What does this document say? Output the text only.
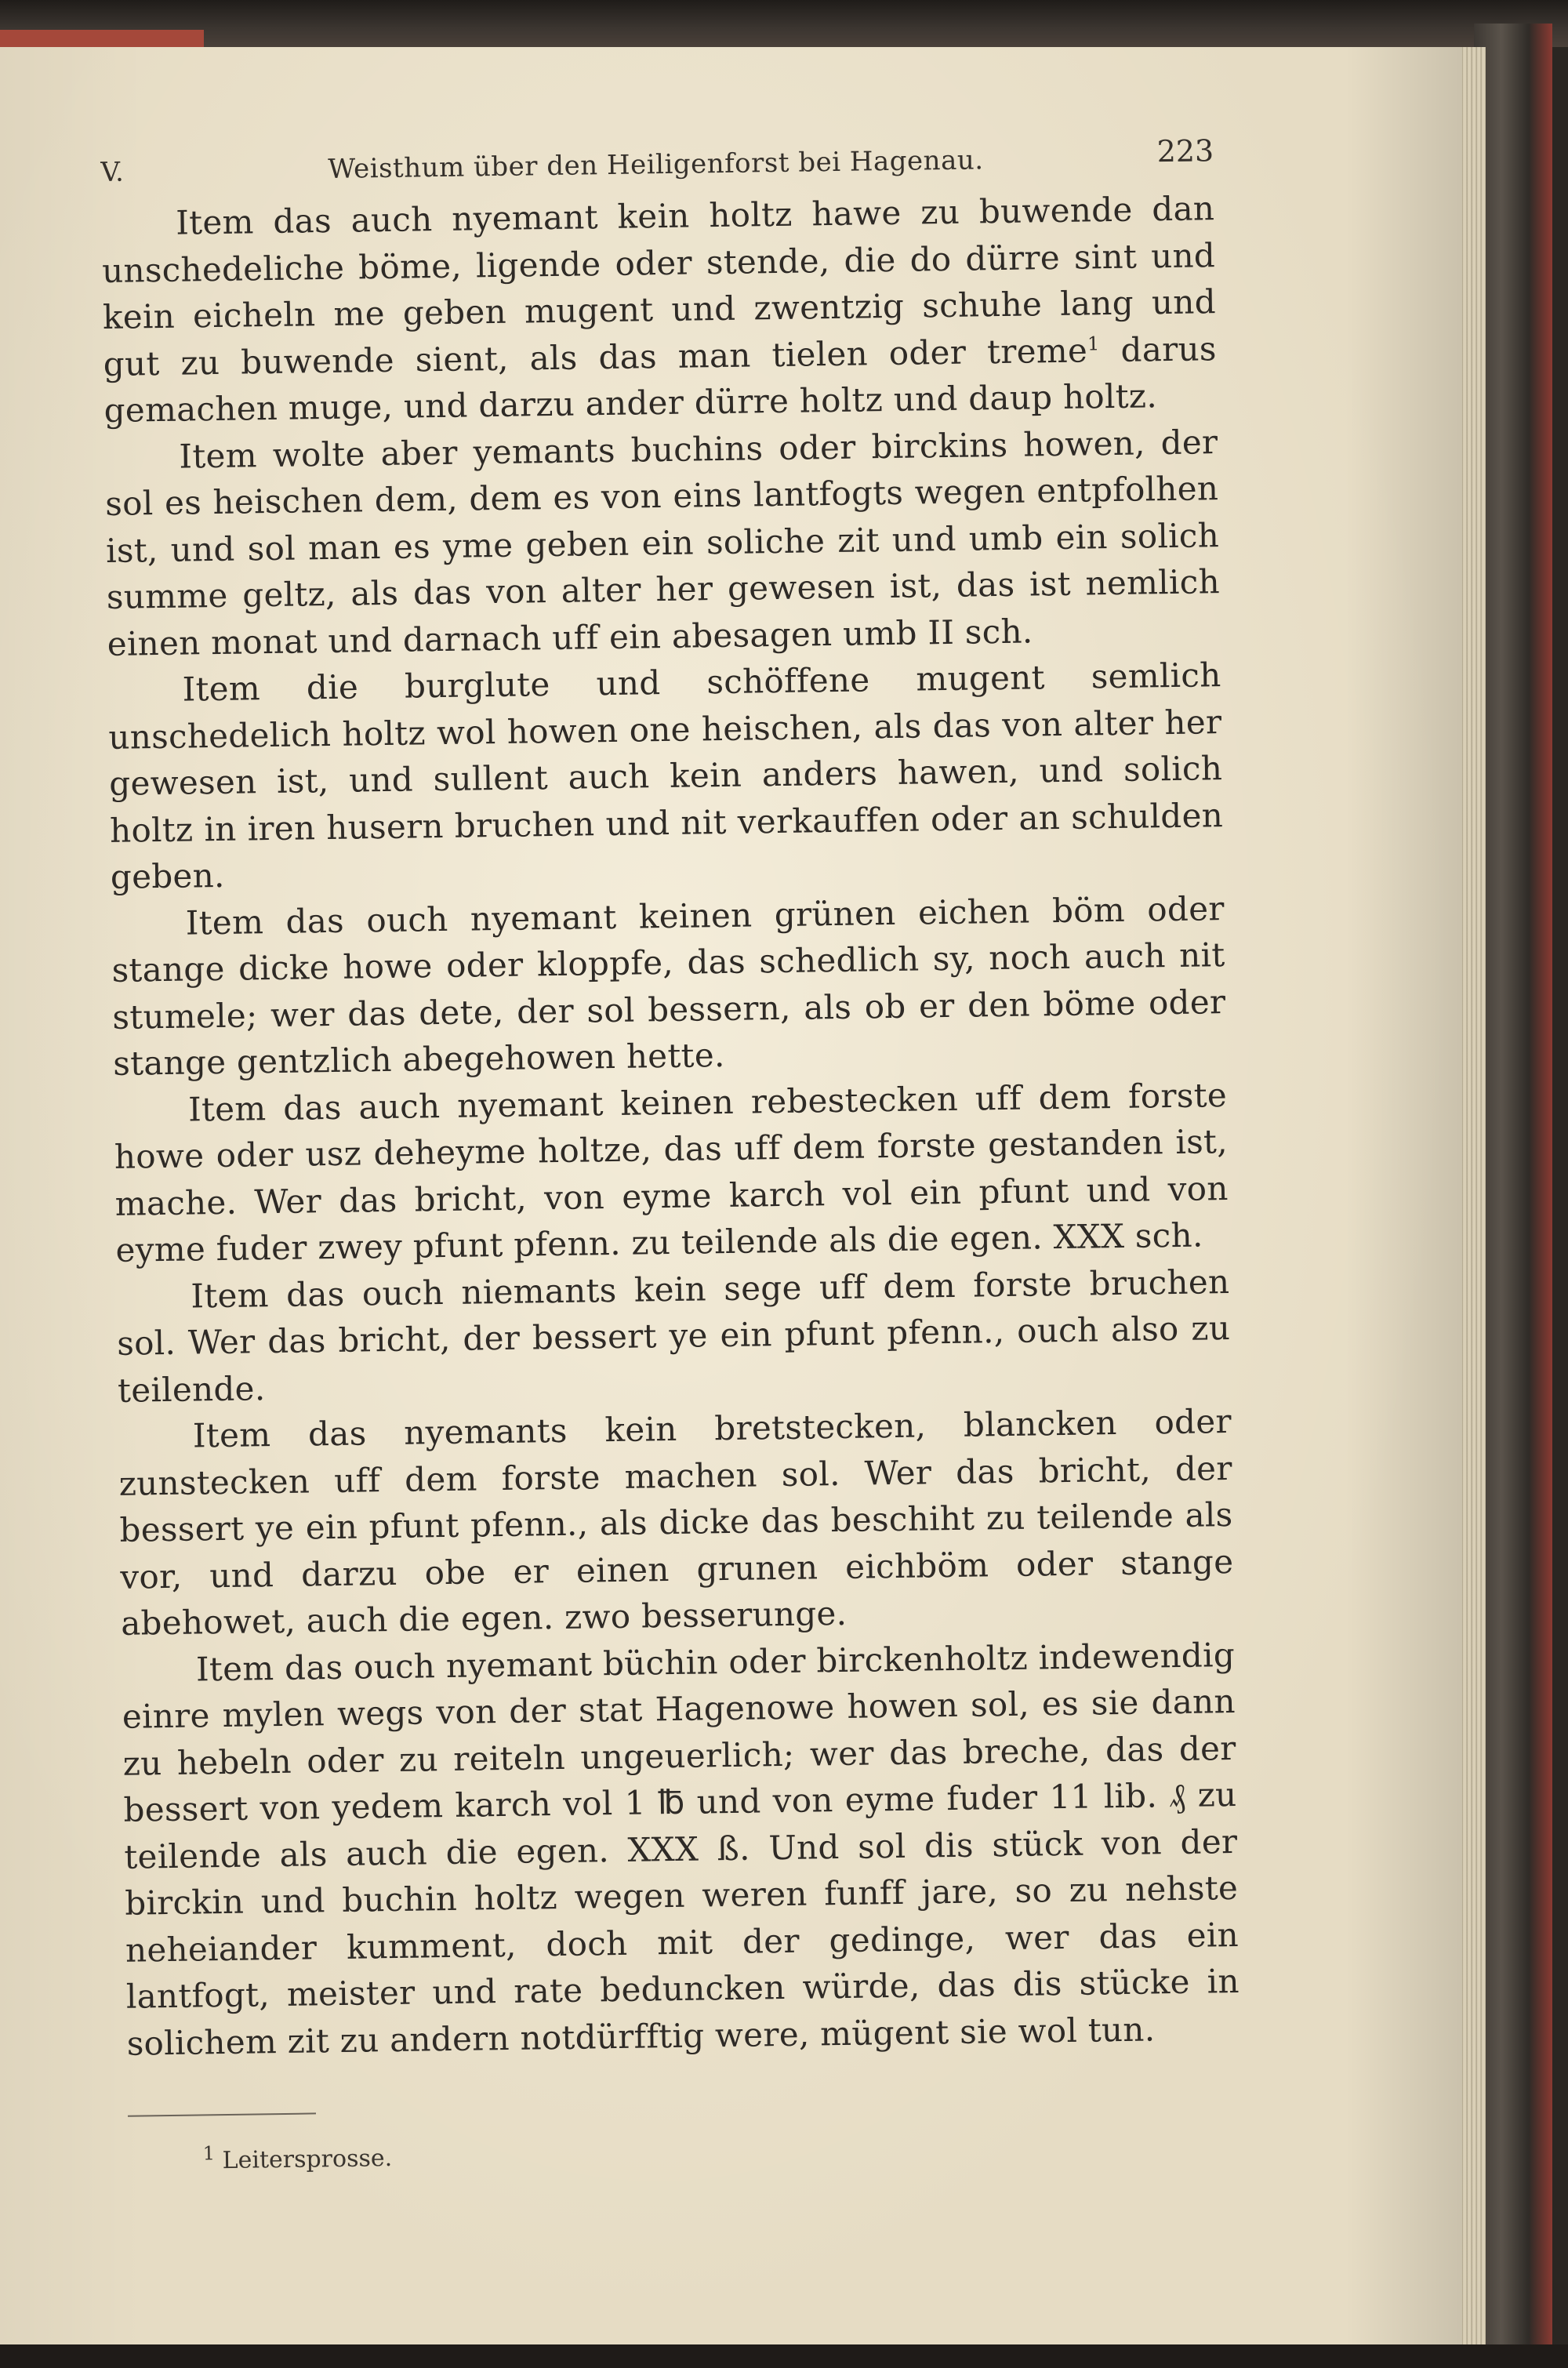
V.	Weisthum über den Heiligenforst bei Hagenau.	223

Item das auch nyemant kein holtz hawe zu buwende dan unschedeliche böme, ligende oder stende, die do dürre sint und kein eicheln me geben mugent und zwentzig schuhe lang und gut zu buwende sient, als das man tielen oder treme$^1$ darus gemachen muge, und darzu ander dürre holtz und daup holtz.

Item wolte aber yemants buchins oder birckins howen, der sol es heischen dem, dem es von eins lantfogts wegen entpfolhen ist, und sol man es yme geben ein soliche zit und umb ein solich summe geltz, als das von alter her gewesen ist, das ist nemlich einen monat und darnach uff ein abesagen umb II sch.

Item die burglute und schöffene mugent semlich unschedelich holtz wol howen one heischen, als das von alter her gewesen ist, und sullent auch kein anders hawen, und solich holtz in iren husern bruchen und nit verkauffen oder an schulden geben.

Item das ouch nyemant keinen grünen eichen böm oder stange dicke howe oder kloppfe, das schedlich sy, noch auch nit stumele; wer das dete, der sol bessern, als ob er den böme oder stange gentzlich abegehowen hette.

Item das auch nyemant keinen rebestecken uff dem forste howe oder usz deheyme holtze, das uff dem forste gestanden ist, mache. Wer das bricht, von eyme karch vol ein pfunt und von eyme fuder zwey pfunt pfenn. zu teilende als die egen. XXX sch.

Item das ouch niemants kein sege uff dem forste bruchen sol. Wer das bricht, der bessert ye ein pfunt pfenn., ouch also zu teilende.

Item das nyemants kein bretstecken, blancken oder zunstecken uff dem forste machen sol. Wer das bricht, der bessert ye ein pfunt pfenn., als dicke das beschiht zu teilende als vor, und darzu obe er einen grunen eichböm oder stange abehowet, auch die egen. zwo besserunge.

Item das ouch nyemant büchin oder birckenholtz indewendig einre mylen wegs von der stat Hagenowe howen sol, es sie dann zu hebeln oder zu reiteln ungeuerlich; wer das breche, das der bessert von yedem karch vol 1 ℔ und von eyme fuder 11 lib. ₰ zu teilende als auch die egen. XXX ß. Und sol dis stück von der birckin und buchin holtz wegen weren funff jare, so zu nehste neheiander kumment, doch mit der gedinge, wer das ein lantfogt, meister und rate beduncken würde, das dis stücke in solichem zit zu andern notdürfftig were, mügent sie wol tun.

$^1$ Leitersprosse.
